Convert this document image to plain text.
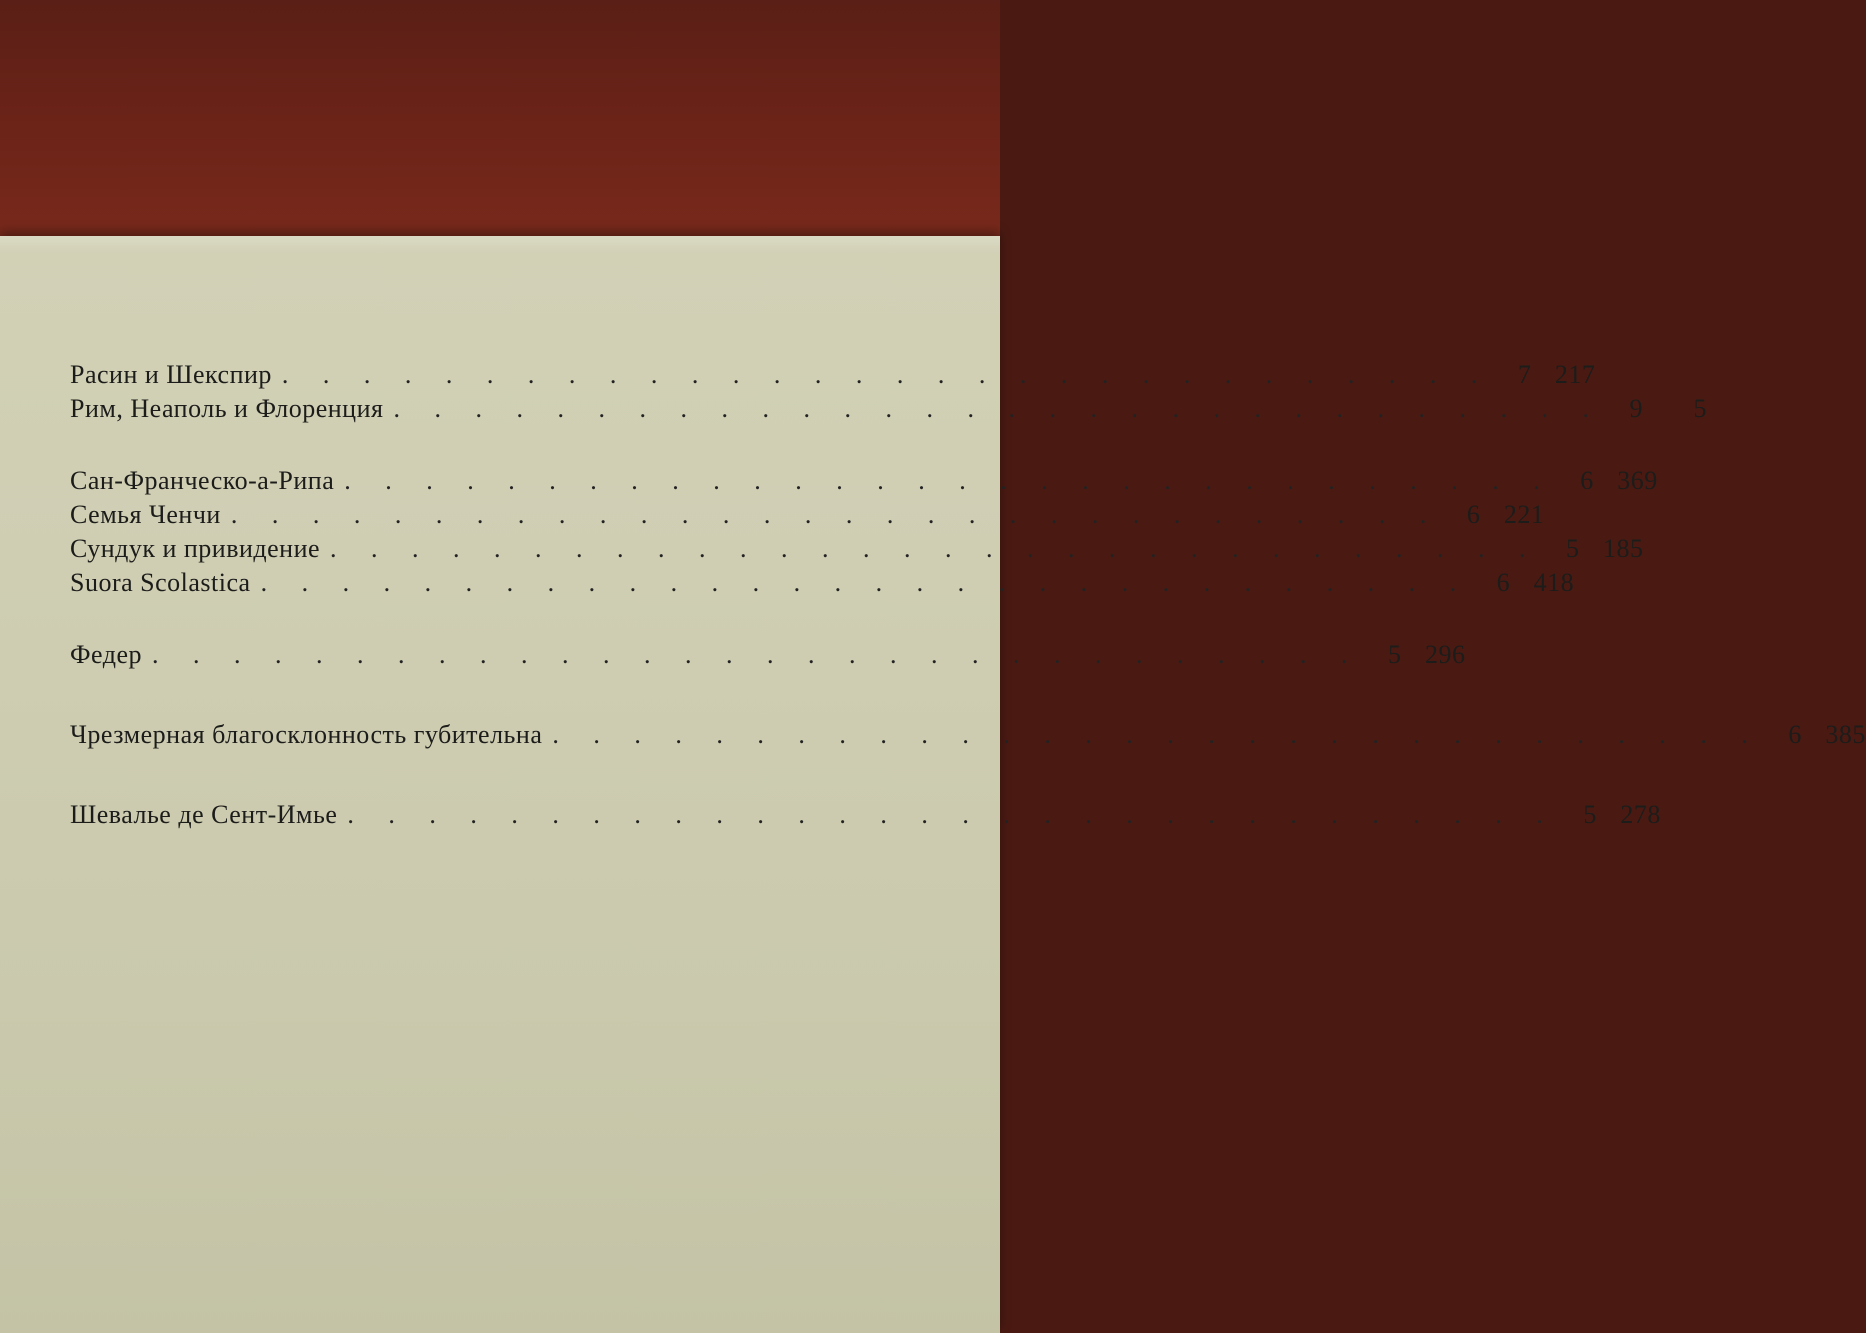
Расин и Шекспир . . . . . . . . . . . . . . . . . . . . . . . . . . . . . .	7 217
Рим, Неаполь и Флоренция . . . . . . . . . . . . . . . . . . . . . . . . . . . . . .	9	5
Сан-Франческо-а-Рипа . . . . . . . . . . . . . . . . . . . . . . . . . . . . . .	6 369
Семья Ченчи . . . . . . . . . . . . . . . . . . . . . . . . . . . . . .	6 221
Сундук и привидение . . . . . . . . . . . . . . . . . . . . . . . . . . . . . .	5 185
Suora Scolastica . . . . . . . . . . . . . . . . . . . . . . . . . . . . . .	6 418
Федер . . . . . . . . . . . . . . . . . . . . . . . . . . . . . .	5 296
Чрезмерная благосклонность губительна . . . . . . . . . . . . . . . . . . . . . . . . . . . . . .	6 385
Шевалье де Сент-Имье . . . . . . . . . . . . . . . . . . . . . . . . . . . . . .	5 278
